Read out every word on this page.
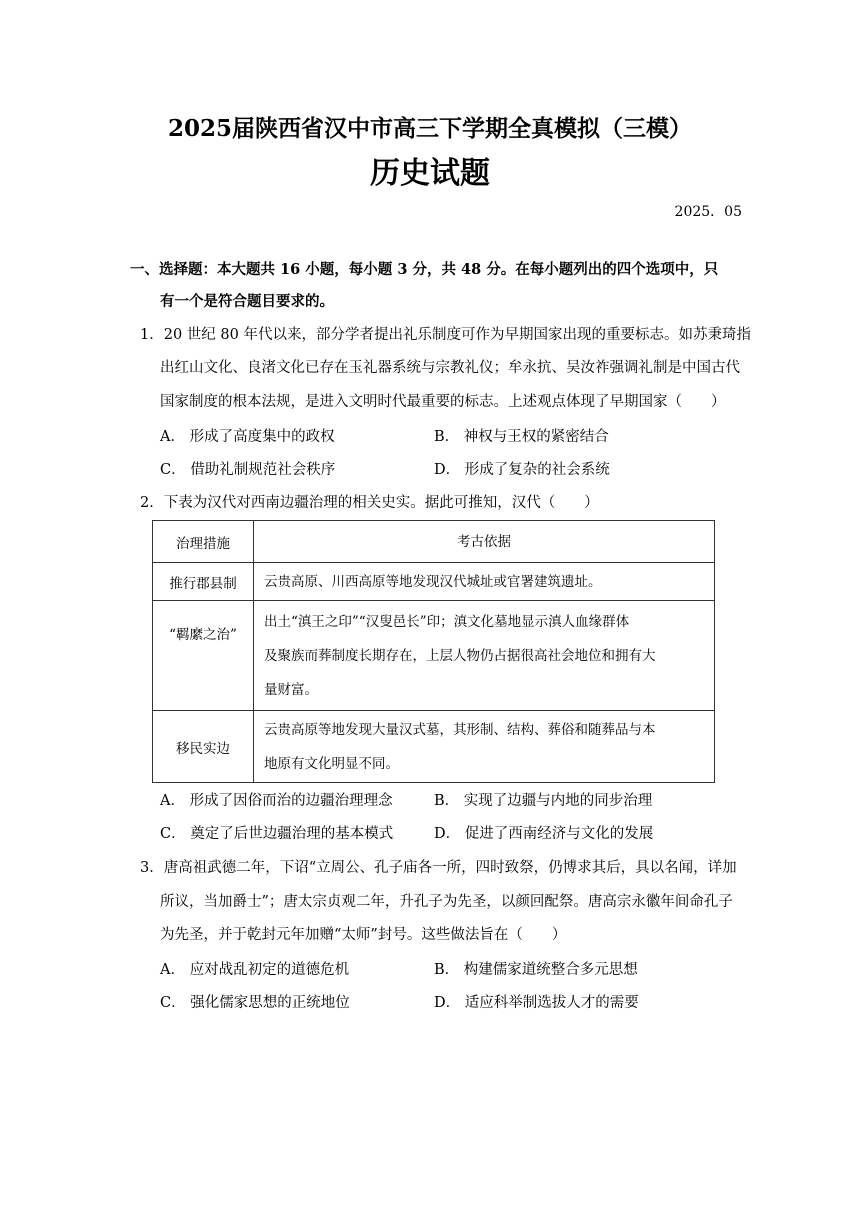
2025届陕西省汉中市高三下学期全真模拟（三模）
历史试题
2025．05
一、选择题：本大题共 16 小题，每小题 3 分，共 48 分。在每小题列出的四个选项中，只
有一个是符合题目要求的。
1．20 世纪 80 年代以来，部分学者提出礼乐制度可作为早期国家出现的重要标志。如苏秉琦指
出红山文化、良渚文化已存在玉礼器系统与宗教礼仪；牟永抗、吴汝祚强调礼制是中国古代
国家制度的根本法规，是进入文明时代最重要的标志。上述观点体现了早期国家（　　）
A． 形成了高度集中的政权	B． 神权与王权的紧密结合
C． 借助礼制规范社会秩序	D． 形成了复杂的社会系统
2．下表为汉代对西南边疆治理的相关史实。据此可推知，汉代（　　）
治理措施	考古依据
推行郡县制	云贵高原、川西高原等地发现汉代城址或官署建筑遗址。

“羁縻之治”	出土“滇王之印”“汉叟邑长”印；滇文化墓地显示滇人血缘群体
及聚族而葬制度长期存在，上层人物仍占据很高社会地位和拥有大
量财富。

移民实边	云贵高原等地发现大量汉式墓，其形制、结构、葬俗和随葬品与本
地原有文化明显不同。
A． 形成了因俗而治的边疆治理理念	B． 实现了边疆与内地的同步治理
C． 奠定了后世边疆治理的基本模式	D． 促进了西南经济与文化的发展
3．唐高祖武德二年，下诏“立周公、孔子庙各一所，四时致祭，仍博求其后，具以名闻，详加
所议，当加爵士”；唐太宗贞观二年，升孔子为先圣，以颜回配祭。唐高宗永徽年间命孔子
为先圣，并于乾封元年加赠“太师”封号。这些做法旨在（　　）
A． 应对战乱初定的道德危机	B． 构建儒家道统整合多元思想
C． 强化儒家思想的正统地位	D． 适应科举制选拔人才的需要
